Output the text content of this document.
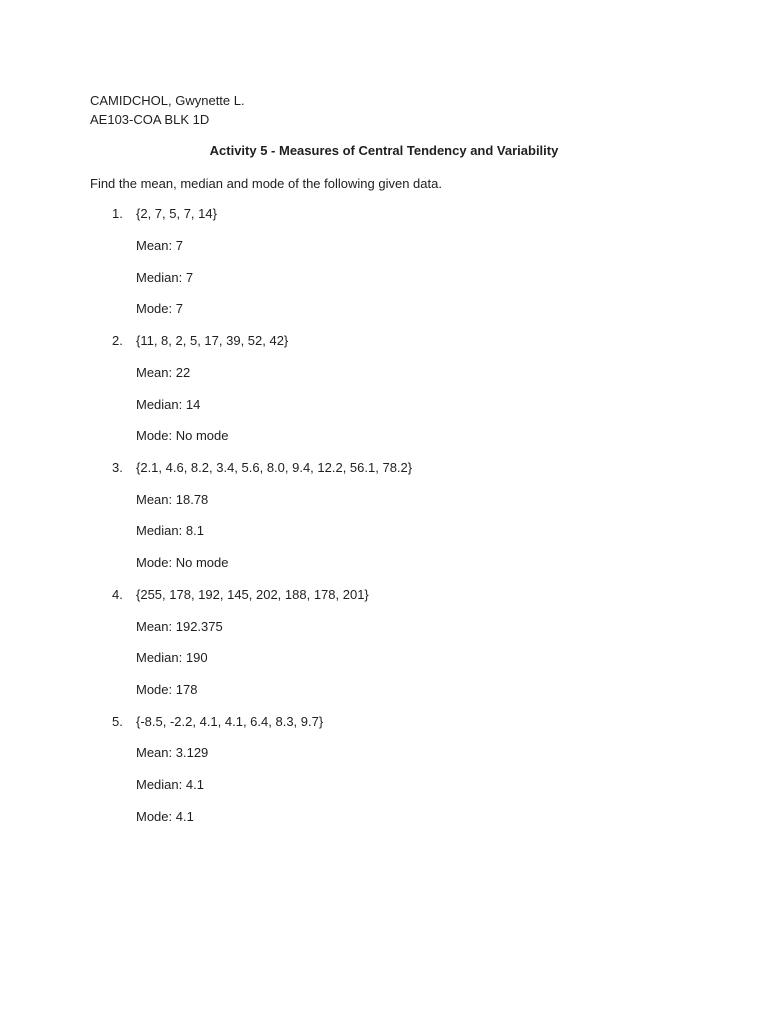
CAMIDCHOL, Gwynette L.
AE103-COA BLK 1D
Activity 5 - Measures of Central Tendency and Variability
Find the mean, median and mode of the following given data.
1. {2, 7, 5, 7, 14}
Mean: 7
Median: 7
Mode: 7
2. {11, 8, 2, 5, 17, 39, 52, 42}
Mean: 22
Median: 14
Mode: No mode
3. {2.1, 4.6, 8.2, 3.4, 5.6, 8.0, 9.4, 12.2, 56.1, 78.2}
Mean: 18.78
Median: 8.1
Mode: No mode
4. {255, 178, 192, 145, 202, 188, 178, 201}
Mean: 192.375
Median: 190
Mode: 178
5. {-8.5, -2.2, 4.1, 4.1, 6.4, 8.3, 9.7}
Mean: 3.129
Median: 4.1
Mode: 4.1
